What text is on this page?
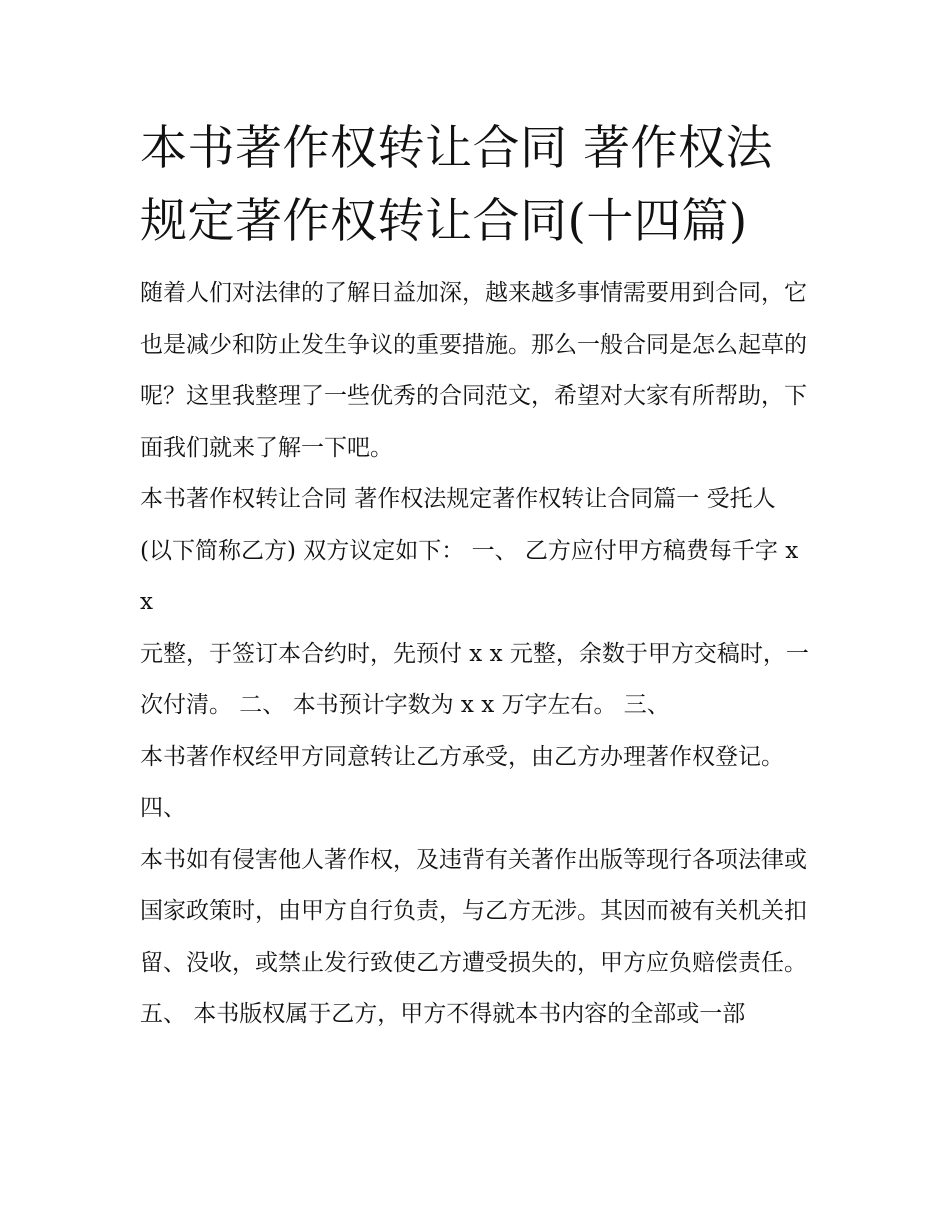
本书著作权转让合同 著作权法
规定著作权转让合同(十四篇)

随着人们对法律的了解日益加深，越来越多事情需要用到合同，它也是减少和防止发生争议的重要措施。那么一般合同是怎么起草的呢？这里我整理了一些优秀的合同范文，希望对大家有所帮助，下面我们就来了解一下吧。

本书著作权转让合同 著作权法规定著作权转让合同篇一 受托人 (以下简称乙方) 双方议定如下： 一、 乙方应付甲方稿费每千字 x x

元整，于签订本合约时，先预付 x x 元整，余数于甲方交稿时，一次付清。 二、 本书预计字数为 x x 万字左右。 三、

本书著作权经甲方同意转让乙方承受，由乙方办理著作权登记。 四、

本书如有侵害他人著作权，及违背有关著作出版等现行各项法律或国家政策时，由甲方自行负责，与乙方无涉。其因而被有关机关扣留、没收，或禁止发行致使乙方遭受损失的，甲方应负赔偿责任。

五、 本书版权属于乙方，甲方不得就本书内容的全部或一部
